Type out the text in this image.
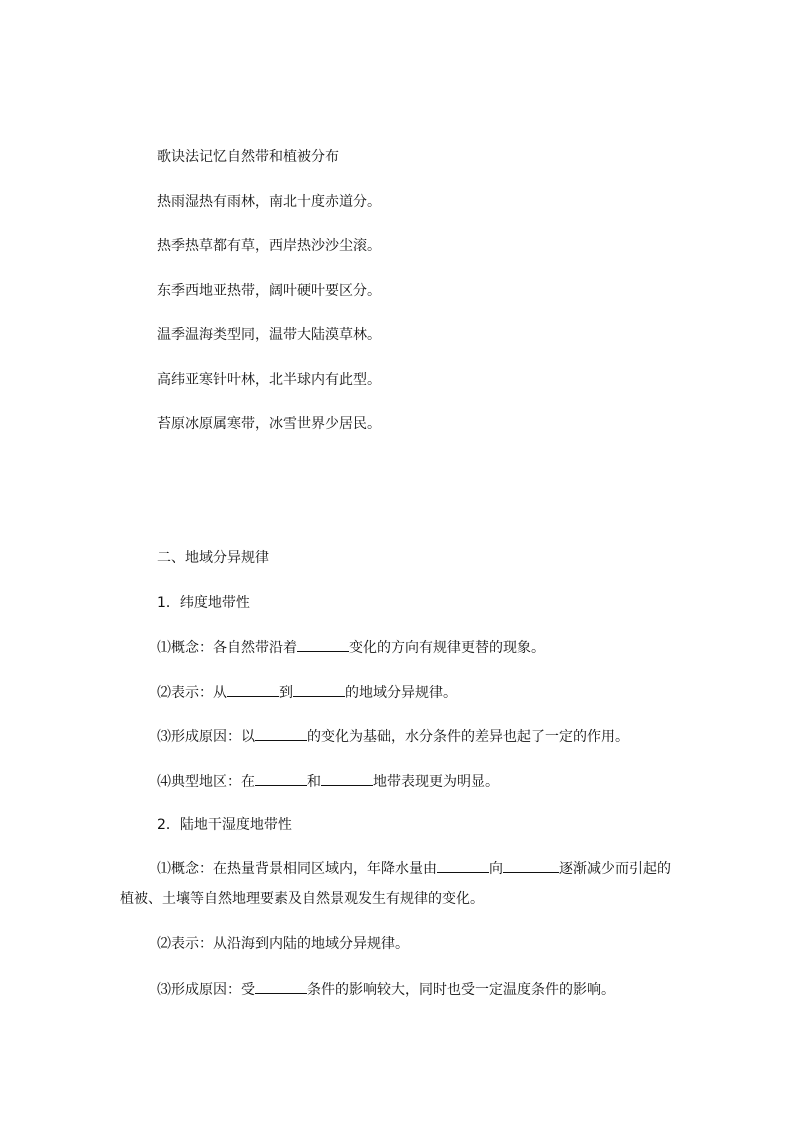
歌诀法记忆自然带和植被分布
热雨湿热有雨林，南北十度赤道分。
热季热草都有草，西岸热沙沙尘滚。
东季西地亚热带，阔叶硬叶要区分。
温季温海类型同，温带大陆漠草林。
高纬亚寒针叶林，北半球内有此型。
苔原冰原属寒带，冰雪世界少居民。
二、地域分异规律
1．纬度地带性
⑴概念：各自然带沿着	变化的方向有规律更替的现象。
⑵表示：从	到	的地域分异规律。
⑶形成原因：以	的变化为基础，水分条件的差异也起了一定的作用。
⑷典型地区：在	和	地带表现更为明显。
2．陆地干湿度地带性
⑴概念：在热量背景相同区域内，年降水量由	向	逐渐减少而引起的植被、土壤等自然地理要素及自然景观发生有规律的变化。
⑵表示：从沿海到内陆的地域分异规律。
⑶形成原因：受	条件的影响较大，同时也受一定温度条件的影响。
